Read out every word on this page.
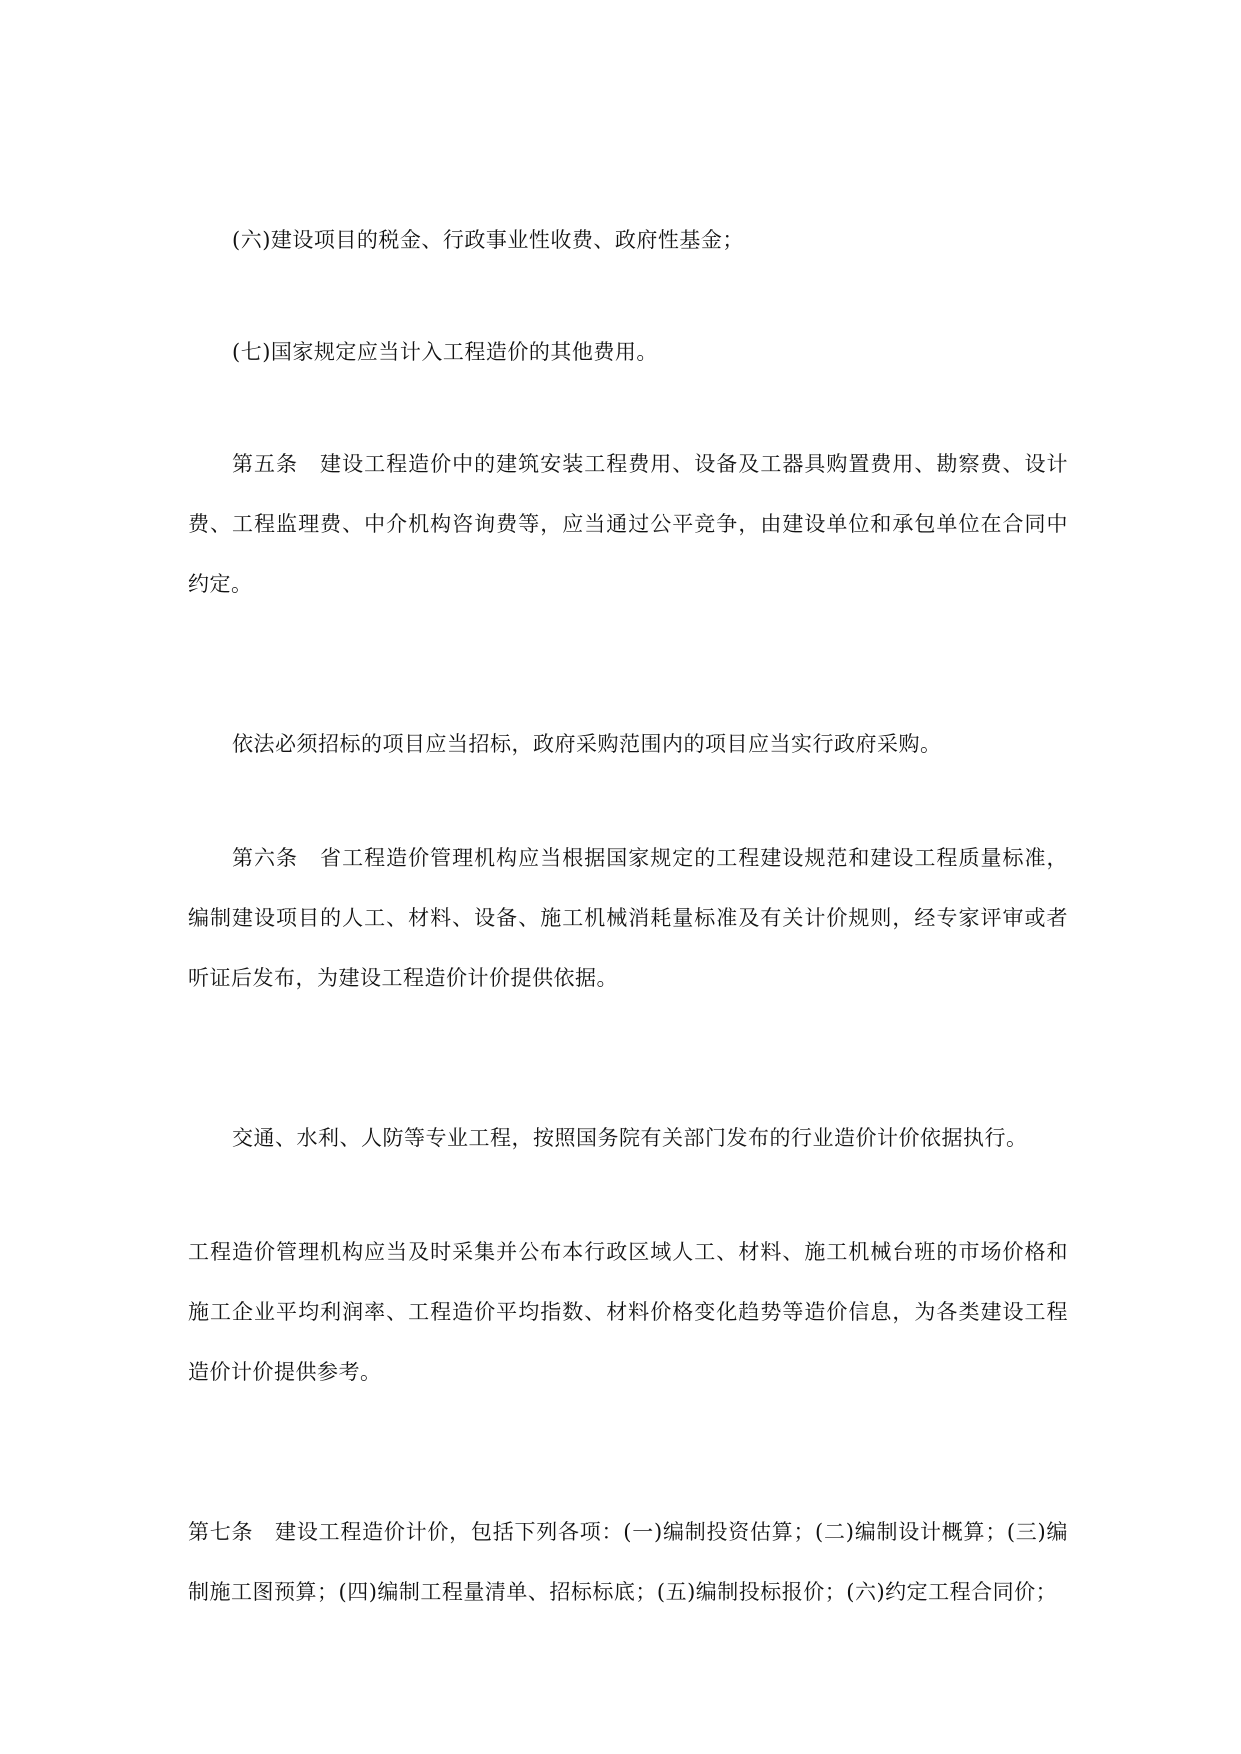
(六)建设项目的税金、行政事业性收费、政府性基金；

(七)国家规定应当计入工程造价的其他费用。

第五条　建设工程造价中的建筑安装工程费用、设备及工器具购置费用、勘察费、设计费、工程监理费、中介机构咨询费等，应当通过公平竞争，由建设单位和承包单位在合同中约定。

依法必须招标的项目应当招标，政府采购范围内的项目应当实行政府采购。

第六条　省工程造价管理机构应当根据国家规定的工程建设规范和建设工程质量标准，编制建设项目的人工、材料、设备、施工机械消耗量标准及有关计价规则，经专家评审或者听证后发布，为建设工程造价计价提供依据。

交通、水利、人防等专业工程，按照国务院有关部门发布的行业造价计价依据执行。

工程造价管理机构应当及时采集并公布本行政区域人工、材料、施工机械台班的市场价格和施工企业平均利润率、工程造价平均指数、材料价格变化趋势等造价信息，为各类建设工程造价计价提供参考。

第七条　建设工程造价计价，包括下列各项：(一)编制投资估算；(二)编制设计概算；(三)编制施工图预算；(四)编制工程量清单、招标标底；(五)编制投标报价；(六)约定工程合同价；
